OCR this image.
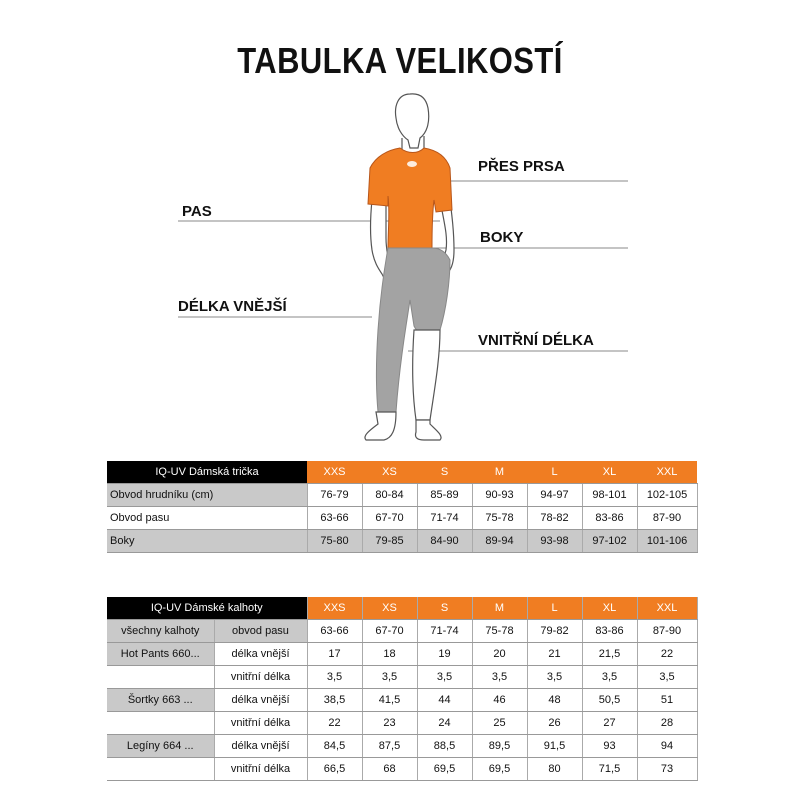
TABULKA VELIKOSTÍ
PŘES PRSA
PAS
BOKY
DÉLKA VNĚJŠÍ
VNITŘNÍ DÉLKA
IQ-UV Dámská trička	XXS	XS	S	M	L	XL	XXL
Obvod hrudníku (cm)	76-79	80-84	85-89	90-93	94-97	98-101	102-105
Obvod pasu	63-66	67-70	71-74	75-78	78-82	83-86	87-90
Boky	75-80	79-85	84-90	89-94	93-98	97-102	101-106
IQ-UV Dámské kalhoty		XXS	XS	S	M	L	XL	XXL
všechny kalhoty	obvod pasu	63-66	67-70	71-74	75-78	79-82	83-86	87-90
Hot Pants 660...	délka vnější	17	18	19	20	21	21,5	22
	vnitřní délka	3,5	3,5	3,5	3,5	3,5	3,5	3,5
Šortky 663 ...	délka vnější	38,5	41,5	44	46	48	50,5	51
	vnitřní délka	22	23	24	25	26	27	28
Legíny 664 ...	délka vnější	84,5	87,5	88,5	89,5	91,5	93	94
	vnitřní délka	66,5	68	69,5	69,5	80	71,5	73
